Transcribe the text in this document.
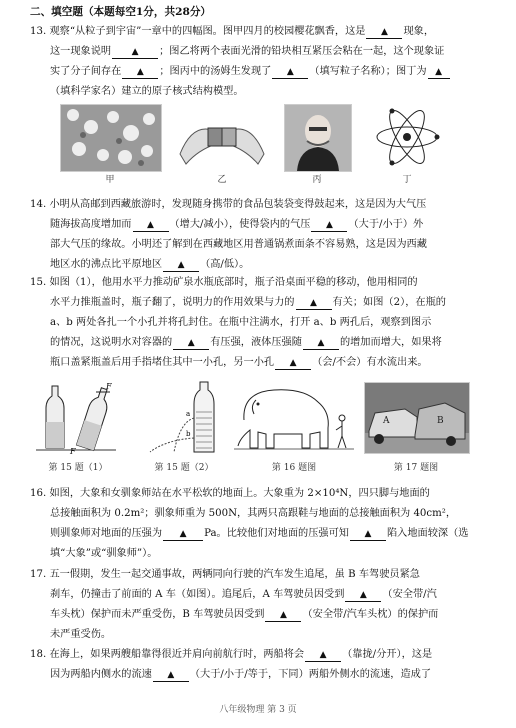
二、填空题（本题每空1分，共28分）
13. 观察“从粒子到宇宙”一章中的四幅图。图甲四月的校园樱花飘香，这是 ▲ 现象，
这一现象说明 ▲ ；图乙将两个表面光滑的铅块相互紧压会粘在一起，这个现象证
实了分子间存在 ▲ ；图丙中的汤姆生发现了 ▲ （填写粒子名称）；图丁为 ▲
（填科学家名）建立的原子核式结构模型。
甲	乙	丙	丁
14. 小明从高邮到西藏旅游时，发现随身携带的食品包装袋变得鼓起来，这是因为大气压
随海拔高度增加而 ▲ （增大/减小），使得袋内的气压 ▲ （大于/小于）外
部大气压的缘故。小明还了解到在西藏地区用普通锅煮面条不容易熟，这是因为西藏
地区水的沸点比平原地区 ▲ （高/低）。
15. 如图（1），他用水平力推动矿泉水瓶底部时，瓶子沿桌面平稳的移动，他用相同的
水平力推瓶盖时，瓶子翻了，说明力的作用效果与力的 ▲ 有关；如图（2），在瓶的
a、b 两处各扎一个小孔并将孔封住。在瓶中注满水，打开 a、b 两孔后，观察到图示
的情况，这说明水对容器的 ▲ 有压强，液体压强随 ▲ 的增加而增大，如果将
瓶口盖紧瓶盖后用手指堵住其中一小孔，另一小孔 ▲ （会/不会）有水流出来。
F
F
a
b
A	B
第 15 题（1）	第 15 题（2）	第 16 题图	第 17 题图
16. 如图，大象和女驯象师站在水平松软的地面上。大象重为 2×10⁴N，四只脚与地面的
总接触面积为 0.2m²；驯象师重为 500N，其两只高跟鞋与地面的总接触面积为 40cm²，
则驯象师对地面的压强为 ▲ Pa。比较他们对地面的压强可知 ▲ 陷入地面较深（选
填“大象”或“驯象师”）。
17. 五一假期，发生一起交通事故，两辆同向行驶的汽车发生追尾，虽 B 车驾驶员紧急
刹车，仍撞击了前面的 A 车（如图）。追尾后，A 车驾驶员因受到 ▲ （安全带/汽
车头枕）保护而未严重受伤，B 车驾驶员因受到 ▲ （安全带/汽车头枕）的保护而
未严重受伤。
18. 在海上，如果两艘船靠得很近并肩向前航行时，两船将会 ▲ （靠拢/分开），这是
因为两船内侧水的流速 ▲ （大于/小于/等于，下同）两船外侧水的流速，造成了
八年级物理 第 3 页
